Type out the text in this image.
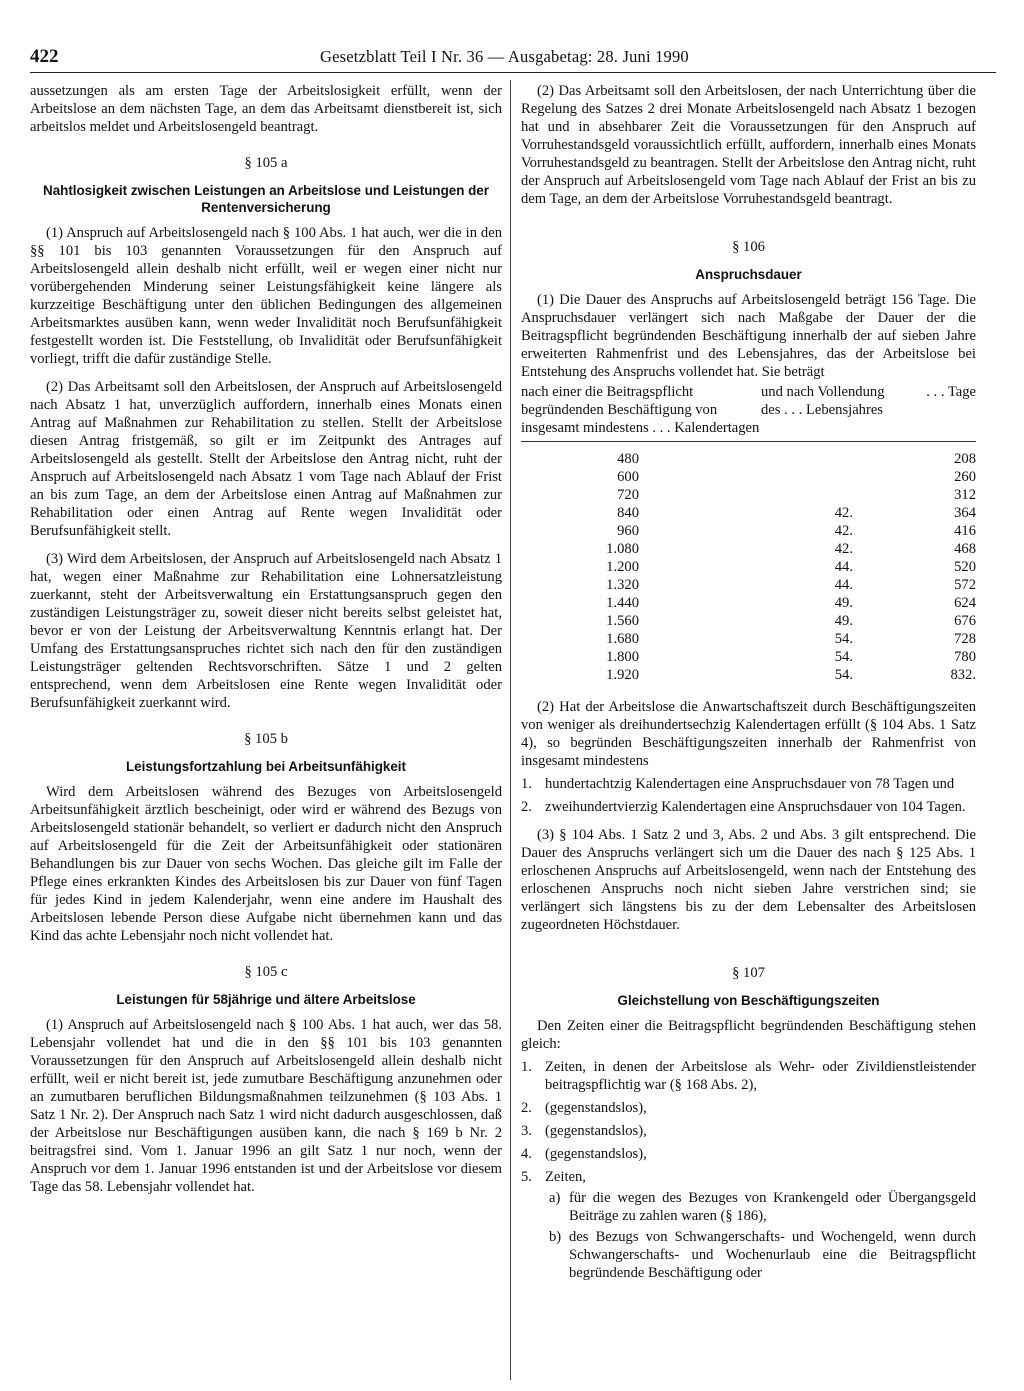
422	Gesetzblatt Teil I Nr. 36 — Ausgabetag: 28. Juni 1990

aussetzungen als am ersten Tage der Arbeitslosigkeit erfüllt, wenn der Arbeitslose an dem nächsten Tage, an dem das Arbeitsamt dienstbereit ist, sich arbeitslos meldet und Arbeitslosengeld beantragt.

§ 105 a

Nahtlosigkeit zwischen Leistungen an Arbeitslose und Leistungen der Rentenversicherung

(1) Anspruch auf Arbeitslosengeld nach § 100 Abs. 1 hat auch, wer die in den §§ 101 bis 103 genannten Voraussetzungen für den Anspruch auf Arbeitslosengeld allein deshalb nicht erfüllt, weil er wegen einer nicht nur vorübergehenden Minderung seiner Leistungsfähigkeit keine längere als kurzzeitige Beschäftigung unter den üblichen Bedingungen des allgemeinen Arbeitsmarktes ausüben kann, wenn weder Invalidität noch Berufsunfähigkeit festgestellt worden ist. Die Feststellung, ob Invalidität oder Berufsunfähigkeit vorliegt, trifft die dafür zuständige Stelle.

(2) Das Arbeitsamt soll den Arbeitslosen, der Anspruch auf Arbeitslosengeld nach Absatz 1 hat, unverzüglich auffordern, innerhalb eines Monats einen Antrag auf Maßnahmen zur Rehabilitation zu stellen. Stellt der Arbeitslose diesen Antrag fristgemäß, so gilt er im Zeitpunkt des Antrages auf Arbeitslosengeld als gestellt. Stellt der Arbeitslose den Antrag nicht, ruht der Anspruch auf Arbeitslosengeld nach Absatz 1 vom Tage nach Ablauf der Frist an bis zum Tage, an dem der Arbeitslose einen Antrag auf Maßnahmen zur Rehabilitation oder einen Antrag auf Rente wegen Invalidität oder Berufsunfähigkeit stellt.

(3) Wird dem Arbeitslosen, der Anspruch auf Arbeitslosengeld nach Absatz 1 hat, wegen einer Maßnahme zur Rehabilitation eine Lohnersatzleistung zuerkannt, steht der Arbeitsverwaltung ein Erstattungsanspruch gegen den zuständigen Leistungsträger zu, soweit dieser nicht bereits selbst geleistet hat, bevor er von der Leistung der Arbeitsverwaltung Kenntnis erlangt hat. Der Umfang des Erstattungsanspruches richtet sich nach den für den zuständigen Leistungsträger geltenden Rechtsvorschriften. Sätze 1 und 2 gelten entsprechend, wenn dem Arbeitslosen eine Rente wegen Invalidität oder Berufsunfähigkeit zuerkannt wird.

§ 105 b

Leistungsfortzahlung bei Arbeitsunfähigkeit

Wird dem Arbeitslosen während des Bezuges von Arbeitslosengeld Arbeitsunfähigkeit ärztlich bescheinigt, oder wird er während des Bezugs von Arbeitslosengeld stationär behandelt, so verliert er dadurch nicht den Anspruch auf Arbeitslosengeld für die Zeit der Arbeitsunfähigkeit oder stationären Behandlungen bis zur Dauer von sechs Wochen. Das gleiche gilt im Falle der Pflege eines erkrankten Kindes des Arbeitslosen bis zur Dauer von fünf Tagen für jedes Kind in jedem Kalenderjahr, wenn eine andere im Haushalt des Arbeitslosen lebende Person diese Aufgabe nicht übernehmen kann und das Kind das achte Lebensjahr noch nicht vollendet hat.

§ 105 c

Leistungen für 58jährige und ältere Arbeitslose

(1) Anspruch auf Arbeitslosengeld nach § 100 Abs. 1 hat auch, wer das 58. Lebensjahr vollendet hat und die in den §§ 101 bis 103 genannten Voraussetzungen für den Anspruch auf Arbeitslosengeld allein deshalb nicht erfüllt, weil er nicht bereit ist, jede zumutbare Beschäftigung anzunehmen oder an zumutbaren beruflichen Bildungsmaßnahmen teilzunehmen (§ 103 Abs. 1 Satz 1 Nr. 2). Der Anspruch nach Satz 1 wird nicht dadurch ausgeschlossen, daß der Arbeitslose nur Beschäftigungen ausüben kann, die nach § 169 b Nr. 2 beitragsfrei sind. Vom 1. Januar 1996 an gilt Satz 1 nur noch, wenn der Anspruch vor dem 1. Januar 1996 entstanden ist und der Arbeitslose vor diesem Tage das 58. Lebensjahr vollendet hat.

(2) Das Arbeitsamt soll den Arbeitslosen, der nach Unterrichtung über die Regelung des Satzes 2 drei Monate Arbeitslosengeld nach Absatz 1 bezogen hat und in absehbarer Zeit die Voraussetzungen für den Anspruch auf Vorruhestandsgeld voraussichtlich erfüllt, auffordern, innerhalb eines Monats Vorruhestandsgeld zu beantragen. Stellt der Arbeitslose den Antrag nicht, ruht der Anspruch auf Arbeitslosengeld vom Tage nach Ablauf der Frist an bis zu dem Tage, an dem der Arbeitslose Vorruhestandsgeld beantragt.

§ 106

Anspruchsdauer

(1) Die Dauer des Anspruchs auf Arbeitslosengeld beträgt 156 Tage. Die Anspruchsdauer verlängert sich nach Maßgabe der Dauer der die Beitragspflicht begründenden Beschäftigung innerhalb der auf sieben Jahre erweiterten Rahmenfrist und des Lebensjahres, das der Arbeitslose bei Entstehung des Anspruchs vollendet hat. Sie beträgt

nach einer die Beitragspflicht begründenden Beschäftigung von insgesamt mindestens . . . Kalendertagen
und nach Vollendung des . . . Lebensjahres
. . . Tage
480		208
600		260
720		312
840	42.	364
960	42.	416
1.080	42.	468
1.200	44.	520
1.320	44.	572
1.440	49.	624
1.560	49.	676
1.680	54.	728
1.800	54.	780
1.920	54.	832.

(2) Hat der Arbeitslose die Anwartschaftszeit durch Beschäftigungszeiten von weniger als dreihundertsechzig Kalendertagen erfüllt (§ 104 Abs. 1 Satz 4), so begründen Beschäftigungszeiten innerhalb der Rahmenfrist von insgesamt mindestens

1. hundertachtzig Kalendertagen eine Anspruchsdauer von 78 Tagen und
2. zweihundertvierzig Kalendertagen eine Anspruchsdauer von 104 Tagen.

(3) § 104 Abs. 1 Satz 2 und 3, Abs. 2 und Abs. 3 gilt entsprechend. Die Dauer des Anspruchs verlängert sich um die Dauer des nach § 125 Abs. 1 erloschenen Anspruchs auf Arbeitslosengeld, wenn nach der Entstehung des erloschenen Anspruchs noch nicht sieben Jahre verstrichen sind; sie verlängert sich längstens bis zu der dem Lebensalter des Arbeitslosen zugeordneten Höchstdauer.

§ 107

Gleichstellung von Beschäftigungszeiten

Den Zeiten einer die Beitragspflicht begründenden Beschäftigung stehen gleich:

1. Zeiten, in denen der Arbeitslose als Wehr- oder Zivildienstleistender beitragspflichtig war (§ 168 Abs. 2),
2. (gegenstandslos),
3. (gegenstandslos),
4. (gegenstandslos),
5. Zeiten,
a) für die wegen des Bezuges von Krankengeld oder Übergangsgeld Beiträge zu zahlen waren (§ 186),
b) des Bezugs von Schwangerschafts- und Wochengeld, wenn durch Schwangerschafts- und Wochenurlaub eine die Beitragspflicht begründende Beschäftigung oder
